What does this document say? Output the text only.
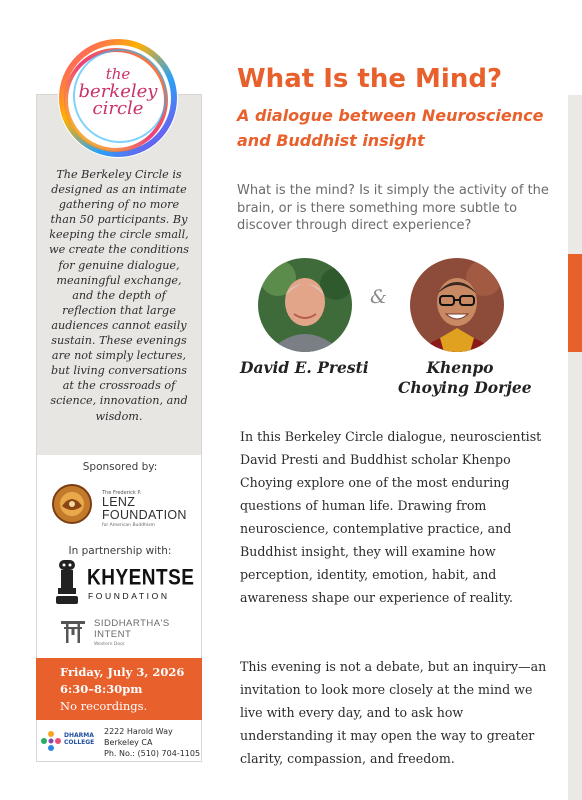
The Berkeley Circle is designed as an intimate gathering of no more than 50 participants. By keeping the circle small, we create the conditions for genuine dialogue, meaningful exchange, and the depth of reflection that large audiences cannot easily sustain. These evenings are not simply lectures, but living conversations at the crossroads of science, innovation, and wisdom.

Sponsored by:
In partnership with:
the
berkeley
circle
The Frederick P.
LENZ
FOUNDATION
for American Buddhism
KHYENTSE
FOUNDATION
SIDDHARTHA'S
INTENT
Western Door
Friday, July 3, 2026
6:30–8:30pm
No recordings.
DHARMA
COLLEGE
2222 Harold Way
Berkeley CA
Ph. No.: (510) 704-1105
What Is the Mind?
A dialogue between Neuroscience and Buddhist insight

What is the mind? Is it simply the activity of the brain, or is there something more subtle to discover through direct experience?

&
David E. Presti	Khenpo
Choying Dorjee

In this Berkeley Circle dialogue, neuroscientist David Presti and Buddhist scholar Khenpo Choying explore one of the most enduring questions of human life. Drawing from neuroscience, contemplative practice, and Buddhist insight, they will examine how perception, identity, emotion, habit, and awareness shape our experience of reality.

This evening is not a debate, but an inquiry—an invitation to look more closely at the mind we live with every day, and to ask how understanding it may open the way to greater clarity, compassion, and freedom.
